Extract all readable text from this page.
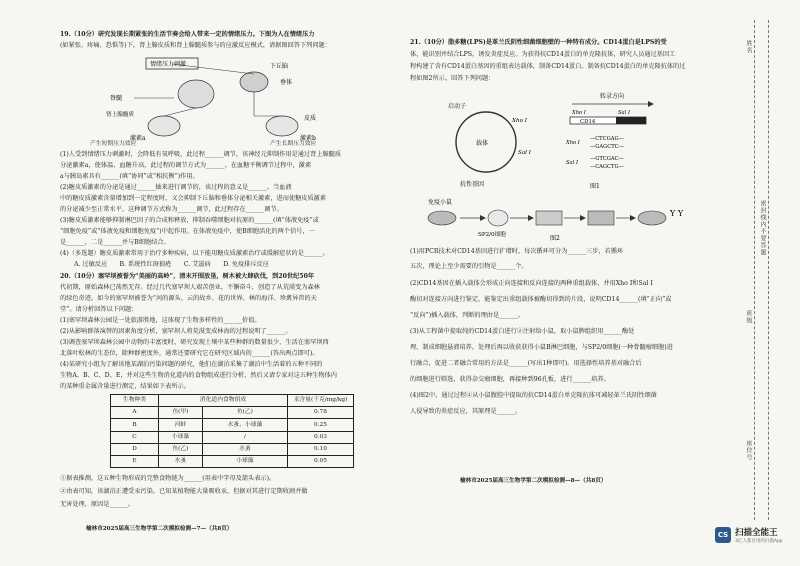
19.（10分）研究发现长期紧张的生活节奏会给人带来一定的情绪压力。下图为人在情绪压力
(如紧张、疼痛、恐惧等)下，肾上腺皮质和肾上腺髓质参与的应激反应模式，请据图回答下列问题：
情绪压力刺激	下丘脑
垂体
脊髓
肾上腺髓质	皮质
激素a	激素b
产生短期压力效应	产生长期压力效应
(1)人受到情绪压力刺激时，会降低有氧呼吸，此过程______调节，该神经元抑制作用是通过肾上腺髓质
分泌激素a，使体温、血糖升高，此过程的调节方式为______。在血糖平衡调节过程中，激素
a与胰岛素具有______(填“协同”或“相抗衡”)作用。
(2)糖皮质激素的分泌是通过______轴来进行调节的，该过程的意义是______。当血液
中的糖皮质激素含量增加到一定程度时，又会抑制下丘脑和垂体分泌相关激素，进而使糖皮质激素
的分泌减少至正常水平，这种调节方式称为______调节，此过程存在______调节。
(3)糖皮质激素能够抑制淋巴因子的合成和释放，抑制吞噬细胞对抗原的______(填“体液免疫”或
“细胞免疫”或“体液免疫和细胞免疫”)中起作用。在体液免疫中，使B细胞活化的两个信号，一
是______，二是______并与B细胞结合。
(4)（多选题）糖皮质激素常用于治疗多种疾病，以下能用糖皮质激素治疗或缓解症状的是______。
A. 过敏反应　　B. 系统性红斑狼疮　　C. 艾滋病　　D. 免疫排斥反应
20.（10分）塞罕坝被誉为“美丽的高岭”，清末开围放垦，树木被大肆砍伐，到20世纪50年
代初期，原始森林已荡然无存。经过几代塞罕坝人艰苦创业，不懈奋斗，创造了从荒漠变为森林
的绿色奇迹。如今的塞罕坝被誉为“河的源头、云的故乡、花的世界、林的海洋、珍禽异兽的天
堂”。请分析回答以下问题：
(1)塞罕坝森林公园是一处旅游胜地，这体现了生物多样性的______价值。
(2)从影响群落演替的因素角度分析，塞罕坝人将荒漠变成林海的过程说明了______。
(3)调查塞罕坝森林公园中动物的丰富度时，研究发现土壤中某些种群的数量很少，生活在塞罕坝西
北落叶松林的生态位，除种群密度外，通常还要研究它在研究区域内的______(答出两点即可)。
(4)某研究小组为了解该地某湖泊污染问题的研究，他们在湖泊采集了湖泊中生活着的五种不同的
生物A、B、C、D、E，并对这些生物消化道内的食物组成进行分析，然后又请专家对这五种生物体内
的某种重金属含量进行测定，结果如下表所示。
生物种类	消化道内食物组成		汞含量(千克/mg/kg)
A	鱼(甲)	鱼(乙)	0.78
B	河蚌	水蚤、小球藻	0.25
C	小球藻	/	0.03
D	鱼(乙)	水蚤	0.10
E	水蚤	小球藻	0.05
①据表推测，这五种生物形成的完整食物链为______(用表中字母及箭头表示)。
②由表可知，该湖泊正遭受汞污染。已知某植物能大量吸收汞，但据对其进行定期收割并做
无害处理，原因是______。
榆林市2025届高三生物学第二次模拟检测—7—（共8页）
21.（10分）脂多糖(LPS)是革兰氏阴性细菌细胞壁的一种特有成分。CD14蛋白是LPS的受
体，能识别并结合LPS，诱发炎症反应。为获得抗CD14蛋白的单克隆抗体，研究人员通过基因工
程构建了含有CD14蛋白基因的重组表达载体，制备CD14蛋白。制备抗CD14蛋白的单克隆抗体的过
程如图2所示。回答下列问题：
载体
启动子
Xho I
Sal I
抗性基因
转录方向
Xho I	Sal I
CD14
Xho I
—CTCGAG—
—GAGCTC—
Sal I
—GTCGAC—
—CAGCTG—
图1
免疫小鼠
SP2/0细胞
Y Y
图2
(1)用PCR技术对CD14基因进行扩增时，每次循环可分为______三步，若循环
五次，理论上至少需要的引物是______个。
(2)CD14基因在插入载体会形成正向连接和反向连接的两种重组载体，并用Xho I和Sal I
酶切对连接方向进行鉴定，能鉴定出重组载体被酶切得到的片段，说明CD14______(填“正向”或
“反向”)插入载体，判断的理由是______。
(3)从工程菌中提取纯的CD14蛋白进行②注射给小鼠，取小鼠脾组织用______酶处
理，制成细胞悬液培养，处理后再以收获获得小鼠B淋巴细胞，与SP2/0细胞(一种骨髓瘤细胞)进
行融合，促进二者融合常用的方法是______(写出1种即可)。用选择性培养基对融合后
的细胞进行筛选，获得杂交瘤细胞，再接种到96孔板，进行______培养。
(4)图2中，通过过程④从小鼠腹腔中提取的抗CD14蛋白单克隆抗体可减轻革兰氏阴性细菌
人侵导致的炎症反应，其原理是______。
榆林市2025届高三生物学第二次模拟检测—8—（共8页）
姓名
密封线内不要答题
班级
座位号
CS 扫描全能王
3亿人都在用的扫描App
